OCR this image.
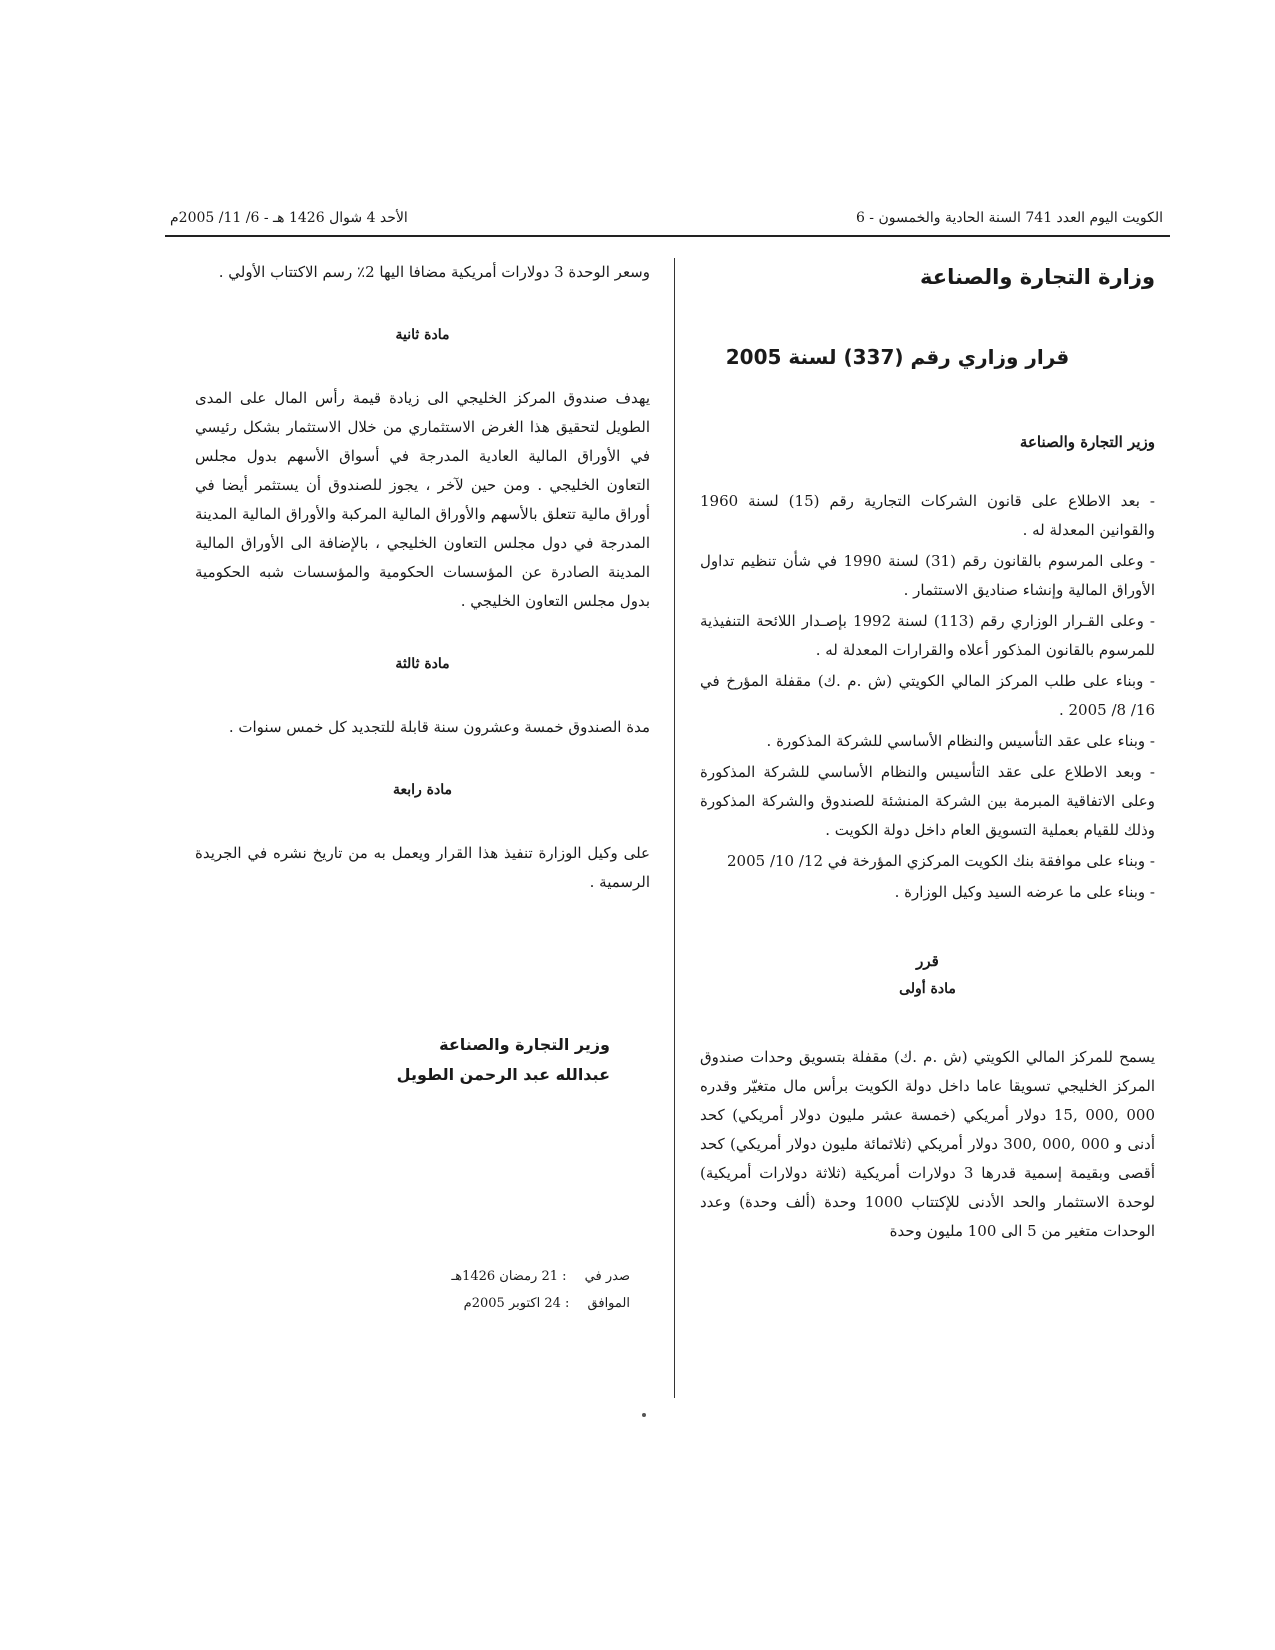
الكويت اليوم العدد 741 السنة الحادية والخمسون - 6
الأحد 4 شوال 1426 هـ - 6/ 11/ 2005م
وزارة التجارة والصناعة
قرار وزاري رقم (337) لسنة 2005
وزير التجارة والصناعة

- بعد الاطلاع على قانون الشركات التجارية رقم (15) لسنة 1960 والقوانين المعدلة له .

- وعلى المرسوم بالقانون رقم (31) لسنة 1990 في شأن تنظيم تداول الأوراق المالية وإنشاء صناديق الاستثمار .

- وعلى القـرار الوزاري رقم (113) لسنة 1992 بإصـدار اللائحة التنفيذية للمرسوم بالقانون المذكور أعلاه والقرارات المعدلة له .

- وبناء على طلب المركز المالي الكويتي (ش .م .ك) مقفلة المؤرخ في 16/ 8/ 2005 .

- وبناء على عقد التأسيس والنظام الأساسي للشركة المذكورة .

- وبعد الاطلاع على عقد التأسيس والنظام الأساسي للشركة المذكورة وعلى الاتفاقية المبرمة بين الشركة المنشئة للصندوق والشركة المذكورة وذلك للقيام بعملية التسويق العام داخل دولة الكويت .

- وبناء على موافقة بنك الكويت المركزي المؤرخة في 12/ 10/ 2005

- وبناء على ما عرضه السيد وكيل الوزارة .

قرر
مادة أولى

يسمح للمركز المالي الكويتي (ش .م .ك) مقفلة بتسويق وحدات صندوق المركز الخليجي تسويقا عاما داخل دولة الكويت برأس مال متغيّر وقدره 000 ,000 ,15 دولار أمريكي (خمسة عشر مليون دولار أمريكي) كحد أدنى و 000 ,000 ,300 دولار أمريكي (ثلاثمائة مليون دولار أمريكي) كحد أقصى وبقيمة إسمية قدرها 3 دولارات أمريكية (ثلاثة دولارات أمريكية) لوحدة الاستثمار والحد الأدنى للإكتتاب 1000 وحدة (ألف وحدة) وعدد الوحدات متغير من 5 الى 100 مليون وحدة

وسعر الوحدة 3 دولارات أمريكية مضافا اليها 2٪ رسم الاكتتاب الأولي .

مادة ثانية

يهدف صندوق المركز الخليجي الى زيادة قيمة رأس المال على المدى الطويل لتحقيق هذا الغرض الاستثماري من خلال الاستثمار بشكل رئيسي في الأوراق المالية العادية المدرجة في أسواق الأسهم بدول مجلس التعاون الخليجي . ومن حين لآخر ، يجوز للصندوق أن يستثمر أيضا في أوراق مالية تتعلق بالأسهم والأوراق المالية المركبة والأوراق المالية المدينة المدرجة في دول مجلس التعاون الخليجي ، بالإضافة الى الأوراق المالية المدينة الصادرة عن المؤسسات الحكومية والمؤسسات شبه الحكومية بدول مجلس التعاون الخليجي .

مادة ثالثة

مدة الصندوق خمسة وعشرون سنة قابلة للتجديد كل خمس سنوات .

مادة رابعة

على وكيل الوزارة تنفيذ هذا القرار ويعمل به من تاريخ نشره في الجريدة الرسمية .

وزير التجارة والصناعة
عبدالله عبد الرحمن الطويل
صدر في : 21 رمضان 1426هـ
الموافق : 24 اكتوبر 2005م
